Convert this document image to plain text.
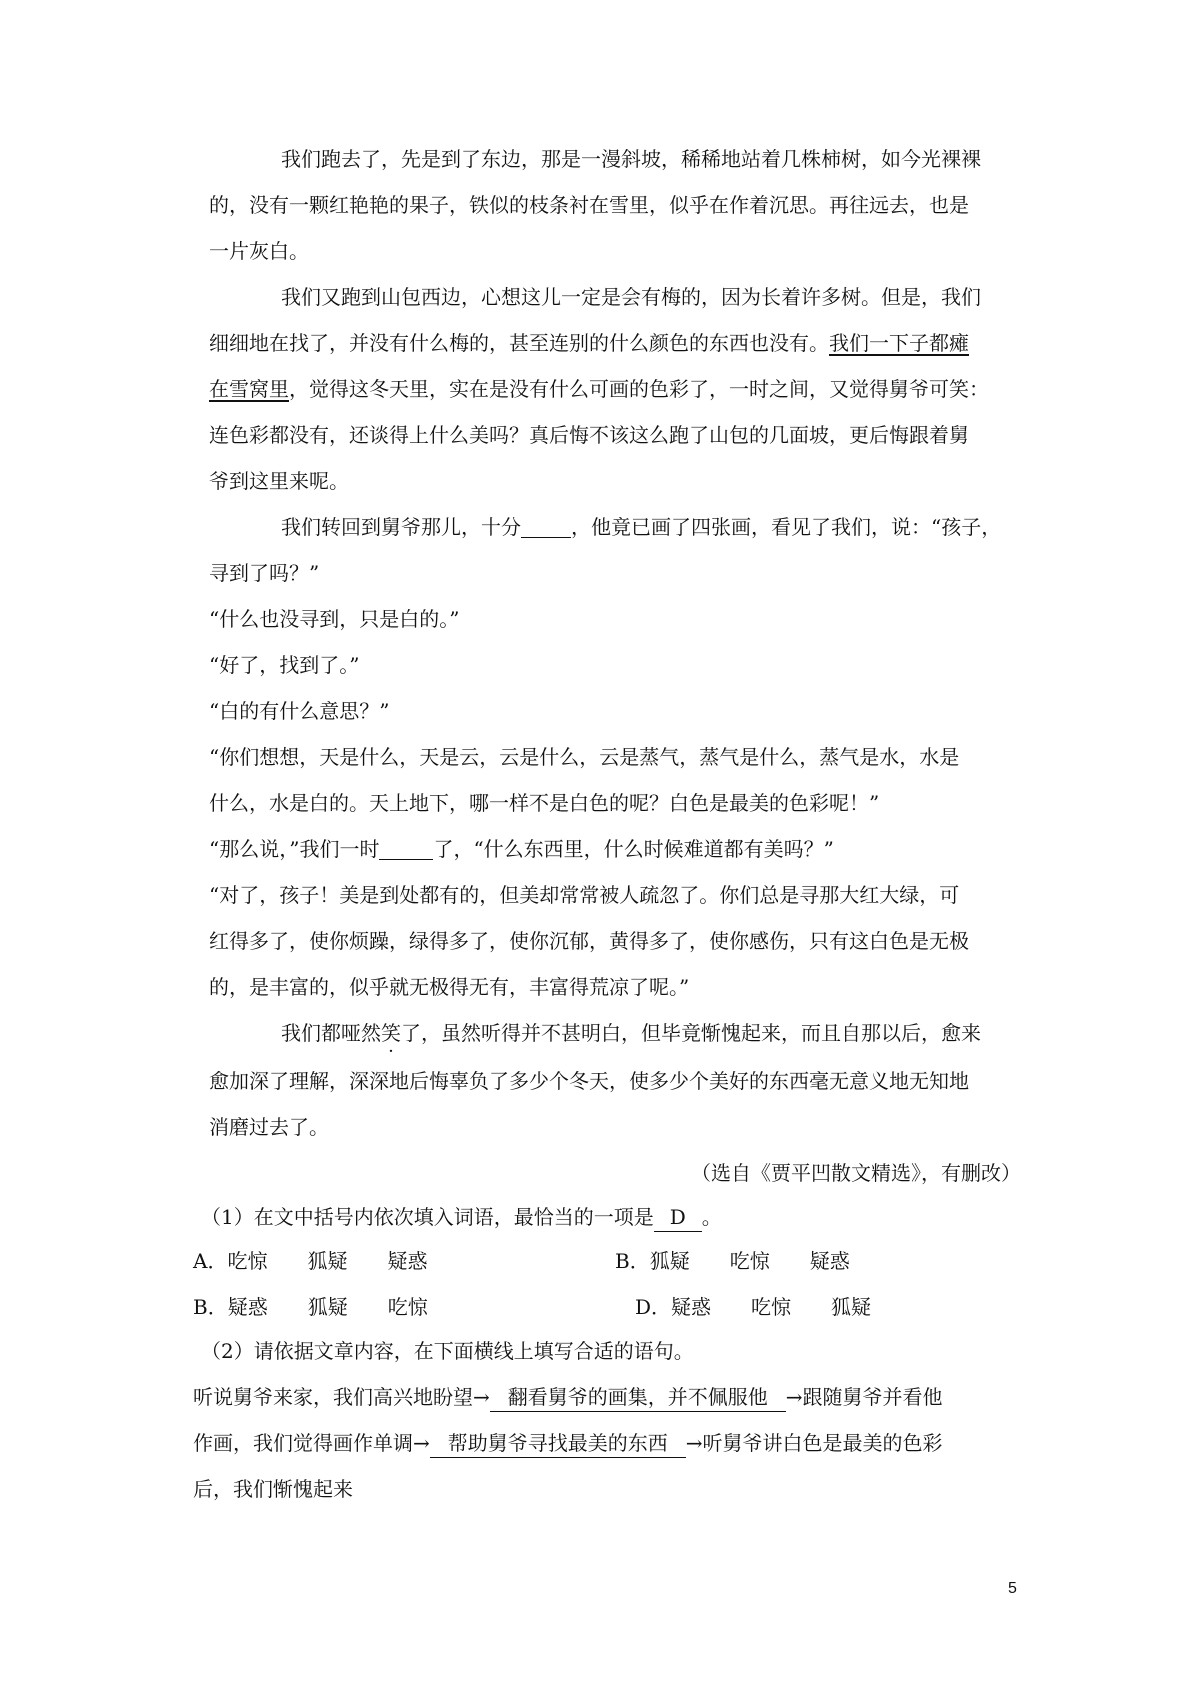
我们跑去了，先是到了东边，那是一漫斜坡，稀稀地站着几株柿树，如今光裸裸
的，没有一颗红艳艳的果子，铁似的枝条衬在雪里，似乎在作着沉思。再往远去，也是
一片灰白。
我们又跑到山包西边，心想这儿一定是会有梅的，因为长着许多树。但是，我们
细细地在找了，并没有什么梅的，甚至连别的什么颜色的东西也没有。我们一下子都瘫
在雪窝里，觉得这冬天里，实在是没有什么可画的色彩了，一时之间，又觉得舅爷可笑：
连色彩都没有，还谈得上什么美吗？真后悔不该这么跑了山包的几面坡，更后悔跟着舅
爷到这里来呢。
我们转回到舅爷那儿，十分	，他竟已画了四张画，看见了我们，说：“孩子，
寻到了吗？”
“什么也没寻到，只是白的。”
“好了，找到了。”
“白的有什么意思？”
“你们想想，天是什么，天是云，云是什么，云是蒸气，蒸气是什么，蒸气是水，水是
什么，水是白的。天上地下，哪一样不是白色的呢？白色是最美的色彩呢！”
“那么说，”我们一时	了，“什么东西里，什么时候难道都有美吗？”
“对了，孩子！美是到处都有的，但美却常常被人疏忽了。你们总是寻那大红大绿，可
红得多了，使你烦躁，绿得多了，使你沉郁，黄得多了，使你感伤，只有这白色是无极
的，是丰富的，似乎就无极得无有，丰富得荒凉了呢。”
我们都哑然笑了，虽然听得并不甚明白，但毕竟惭愧起来，而且自那以后，愈来
愈加深了理解，深深地后悔辜负了多少个冬天，使多少个美好的东西毫无意义地无知地
消磨过去了。
（选自《贾平凹散文精选》，有删改）
（1）在文中括号内依次填入词语，最恰当的一项是 D 。
A．吃惊　　狐疑　　疑惑	B．狐疑　　吃惊　　疑惑
B．疑惑　　狐疑　　吃惊	D．疑惑　　吃惊　　狐疑
（2）请依据文章内容，在下面横线上填写合适的语句。
听说舅爷来家，我们高兴地盼望→ 翻看舅爷的画集，并不佩服他 →跟随舅爷并看他
作画，我们觉得画作单调→ 帮助舅爷寻找最美的东西 →听舅爷讲白色是最美的色彩
后，我们惭愧起来
5
